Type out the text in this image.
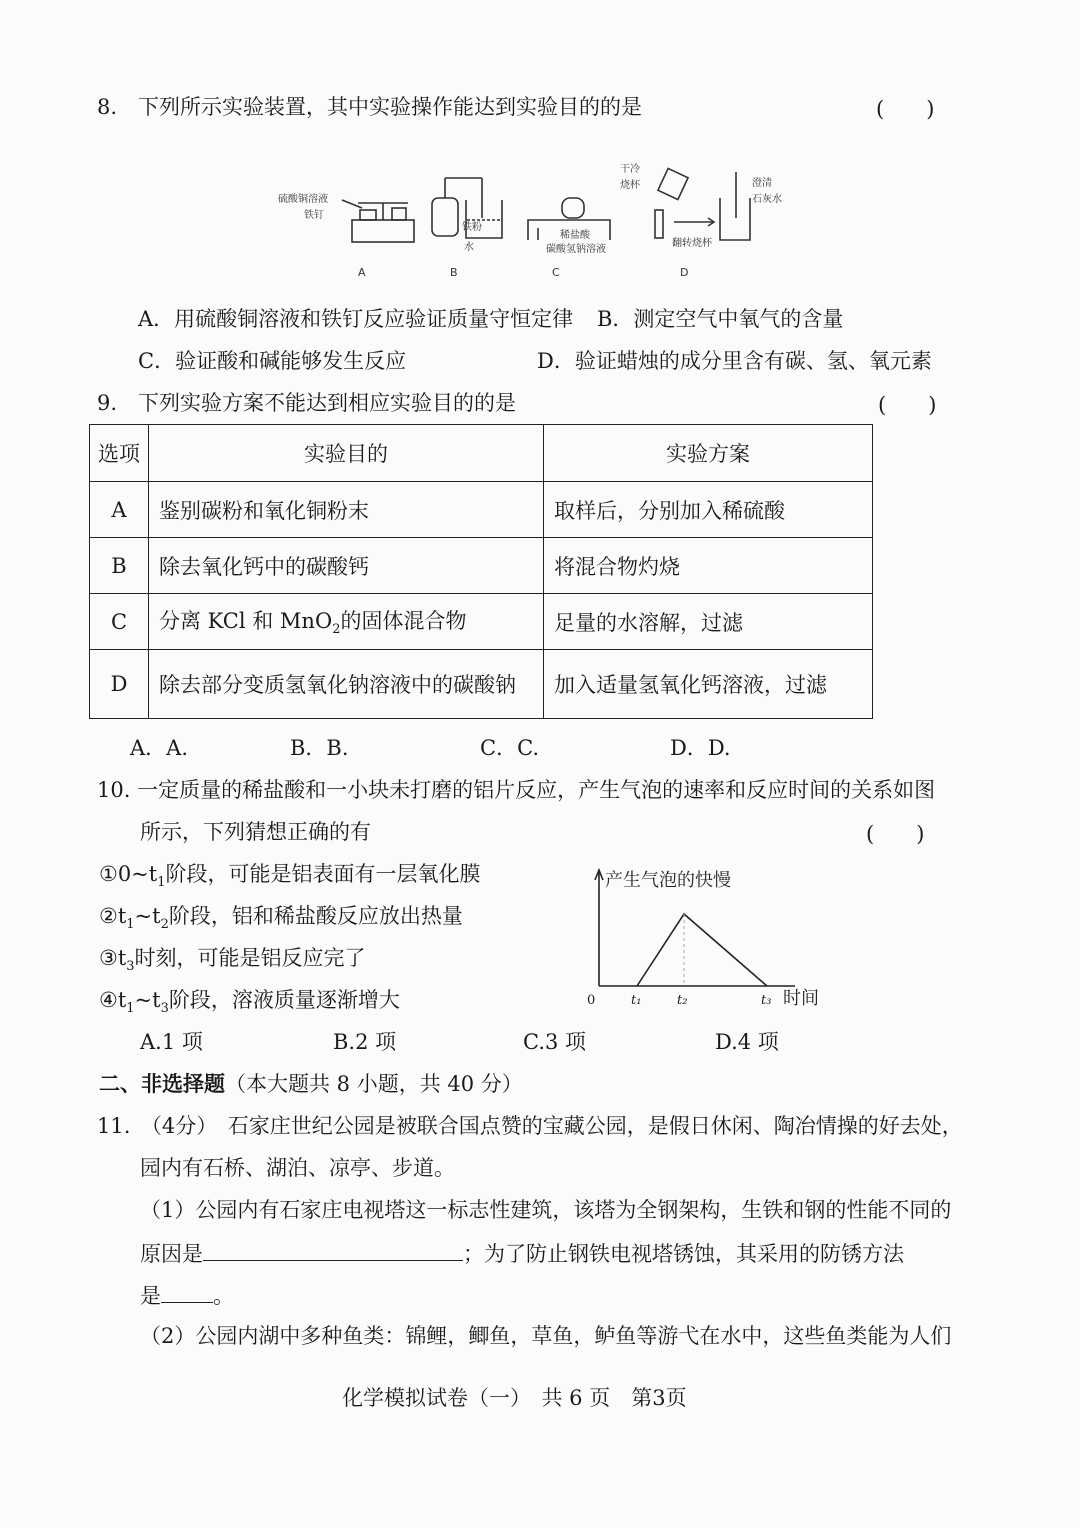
8.　下列所示实验装置，其中实验操作能达到实验目的的是	(　　)
硫酸铜溶液
铁钉
铁粉
水
稀盐酸
碳酸氢钠溶液
干冷
烧杯	澄清
石灰水
翻转烧杯
A	B	C	D
A．用硫酸铜溶液和铁钉反应验证质量守恒定律 B．测定空气中氧气的含量
C．验证酸和碱能够发生反应	D．验证蜡烛的成分里含有碳、氢、氧元素
9.　下列实验方案不能达到相应实验目的的是	(　　)
选项	实验目的	实验方案
A	鉴别碳粉和氧化铜粉末	取样后，分别加入稀硫酸
B	除去氧化钙中的碳酸钙	将混合物灼烧
C	分离 KCl 和 MnO$_2$的固体混合物	足量的水溶解，过滤
D	除去部分变质氢氧化钠溶液中的碳酸钠	加入适量氢氧化钙溶液，过滤
A．A.	B．B.	C．C.	D．D.
10. 一定质量的稀盐酸和一小块未打磨的铝片反应，产生气泡的速率和反应时间的关系如图
所示，下列猜想正确的有	(　　)
$①0\sim t_1$阶段，可能是铝表面有一层氧化膜
$②t_1\sim t_2$阶段，铝和稀盐酸反应放出热量
$③t_3$时刻，可能是铝反应完了
$④t_1\sim t_3$阶段，溶液质量逐渐增大
产生气泡的快慢
时间
0	t₁	t₂	t₃
A.1 项	B.2 项	C.3 项	D.4 项
二、非选择题（本大题共 8 小题，共 40 分）
11.　（4分）　石家庄世纪公园是被联合国点赞的宝藏公园，是假日休闲、陶冶情操的好去处，
园内有石桥、湖泊、凉亭、步道。
（1）公园内有石家庄电视塔这一标志性建筑，该塔为全钢架构，生铁和钢的性能不同的
原因是	；为了防止钢铁电视塔锈蚀，其采用的防锈方法
是 。
（2）公园内湖中多种鱼类：锦鲤，鲫鱼，草鱼，鲈鱼等游弋在水中，这些鱼类能为人们
化学模拟试卷（一）　共 6 页　第3页
